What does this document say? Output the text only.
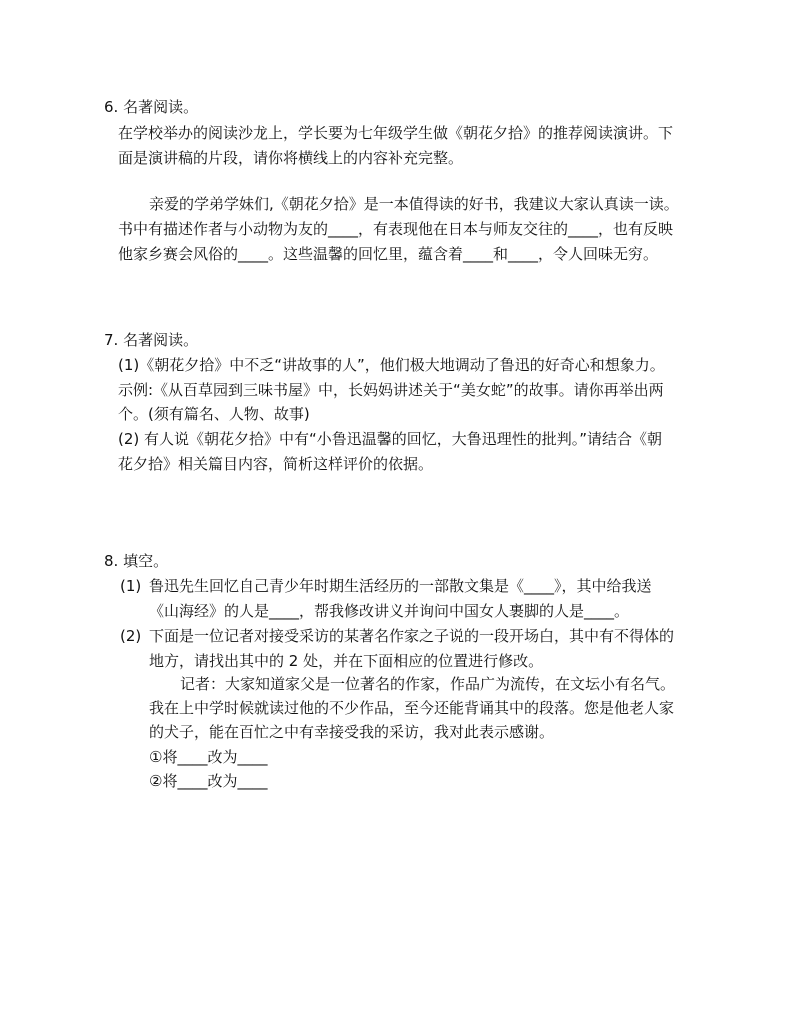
6. 名著阅读。
在学校举办的阅读沙龙上，学长要为七年级学生做《朝花夕拾》的推荐阅读演讲。下
面是演讲稿的片段，请你将横线上的内容补充完整。
亲爱的学弟学妹们,《朝花夕拾》是一本值得读的好书，我建议大家认真读一读。
书中有描述作者与小动物为友的____，有表现他在日本与师友交往的____，也有反映
他家乡赛会风俗的____。这些温馨的回忆里，蕴含着____和____，令人回味无穷。
7. 名著阅读。
(1)《朝花夕拾》中不乏“讲故事的人”，他们极大地调动了鲁迅的好奇心和想象力。
示例:《从百草园到三味书屋》中，长妈妈讲述关于“美女蛇”的故事。请你再举出两
个。(须有篇名、人物、故事)
(2) 有人说《朝花夕拾》中有“小鲁迅温馨的回忆，大鲁迅理性的批判。”请结合《朝
花夕拾》相关篇目内容，简析这样评价的依据。
8. 填空。
(1) 鲁迅先生回忆自己青少年时期生活经历的一部散文集是《____》，其中给我送
《山海经》的人是____，帮我修改讲义并询问中国女人裹脚的人是____。
(2) 下面是一位记者对接受采访的某著名作家之子说的一段开场白，其中有不得体的
地方，请找出其中的 2 处，并在下面相应的位置进行修改。
记者：大家知道家父是一位著名的作家，作品广为流传，在文坛小有名气。
我在上中学时候就读过他的不少作品，至今还能背诵其中的段落。您是他老人家
的犬子，能在百忙之中有幸接受我的采访，我对此表示感谢。
①将____改为____
②将____改为____
